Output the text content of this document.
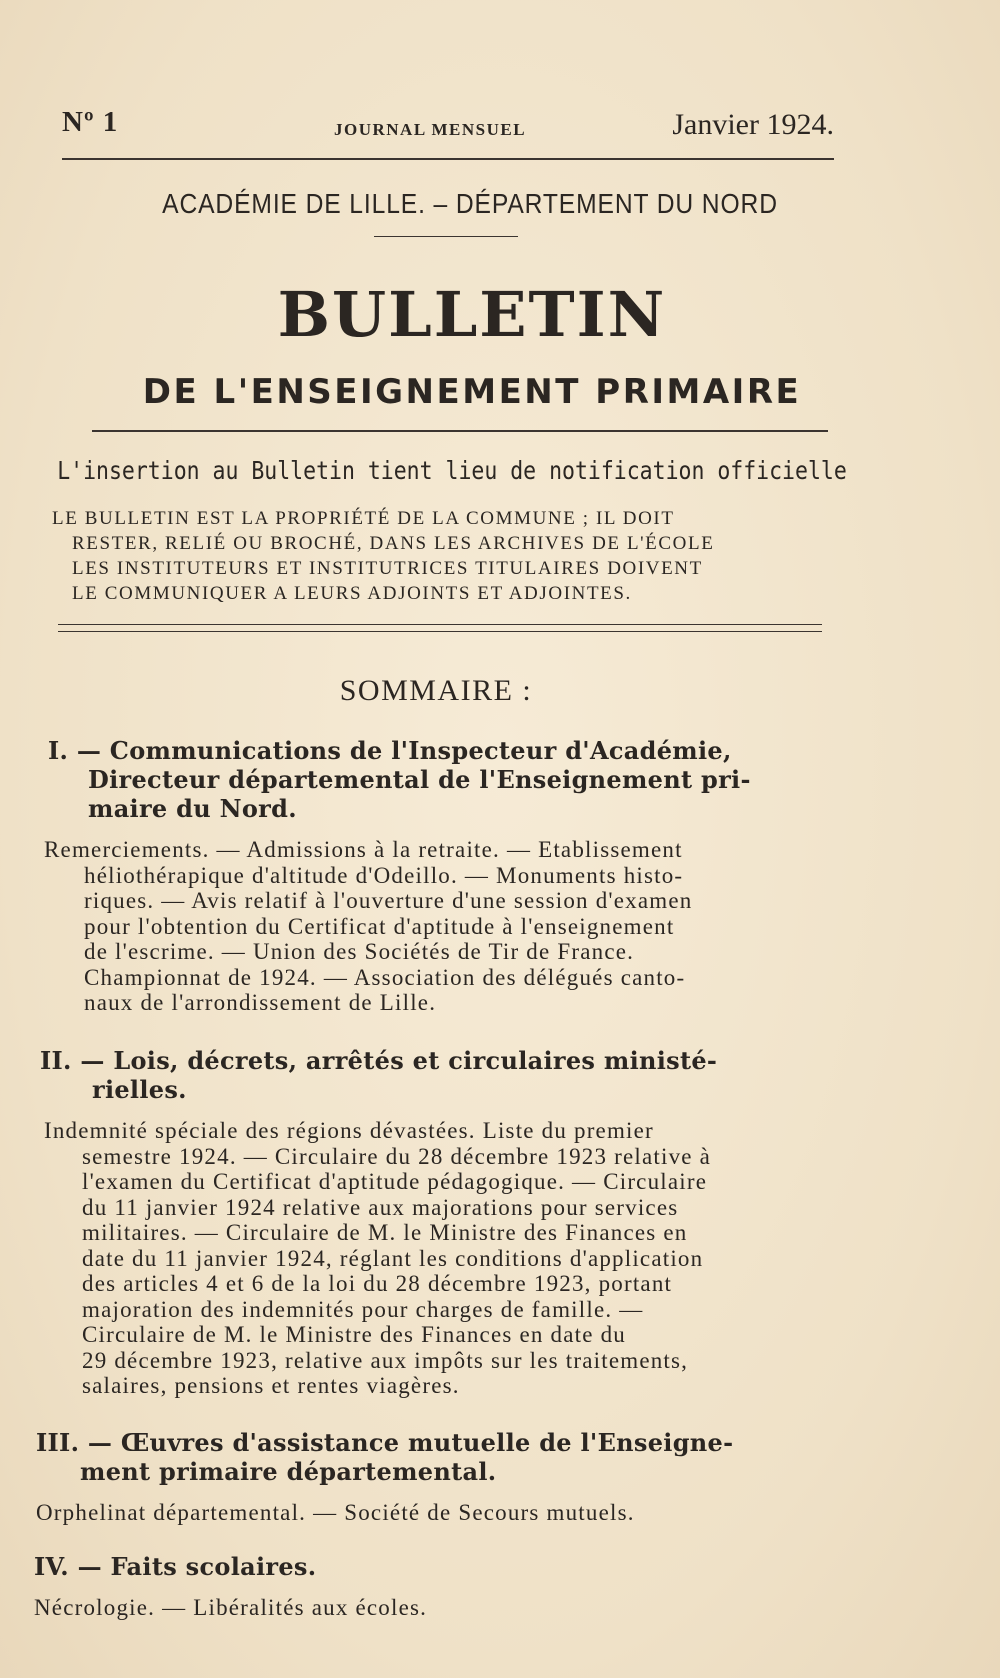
Nº 1	JOURNAL MENSUEL	Janvier 1924.
ACADÉMIE DE LILLE. – DÉPARTEMENT DU NORD
BULLETIN
DE L'ENSEIGNEMENT PRIMAIRE
L'insertion au Bulletin tient lieu de notification officielle
LE BULLETIN EST LA PROPRIÉTÉ DE LA COMMUNE ; IL DOIT
RESTER, RELIÉ OU BROCHÉ, DANS LES ARCHIVES DE L'ÉCOLE
LES INSTITUTEURS ET INSTITUTRICES TITULAIRES DOIVENT
LE COMMUNIQUER A LEURS ADJOINTS ET ADJOINTES.
SOMMAIRE :
I. — Communications de l'Inspecteur d'Académie,
Directeur départemental de l'Enseignement pri-
maire du Nord.
Remerciements. — Admissions à la retraite. — Etablissement
héliothérapique d'altitude d'Odeillo. — Monuments histo-
riques. — Avis relatif à l'ouverture d'une session d'examen
pour l'obtention du Certificat d'aptitude à l'enseignement
de l'escrime. — Union des Sociétés de Tir de France.
Championnat de 1924. — Association des délégués canto-
naux de l'arrondissement de Lille.
II. — Lois, décrets, arrêtés et circulaires ministé-
rielles.
Indemnité spéciale des régions dévastées. Liste du premier
semestre 1924. — Circulaire du 28 décembre 1923 relative à
l'examen du Certificat d'aptitude pédagogique. — Circulaire
du 11 janvier 1924 relative aux majorations pour services
militaires. — Circulaire de M. le Ministre des Finances en
date du 11 janvier 1924, réglant les conditions d'application
des articles 4 et 6 de la loi du 28 décembre 1923, portant
majoration des indemnités pour charges de famille. —
Circulaire de M. le Ministre des Finances en date du
29 décembre 1923, relative aux impôts sur les traitements,
salaires, pensions et rentes viagères.
III. — Œuvres d'assistance mutuelle de l'Enseigne-
ment primaire départemental.
Orphelinat départemental. — Société de Secours mutuels.
IV. — Faits scolaires.
Nécrologie. — Libéralités aux écoles.
